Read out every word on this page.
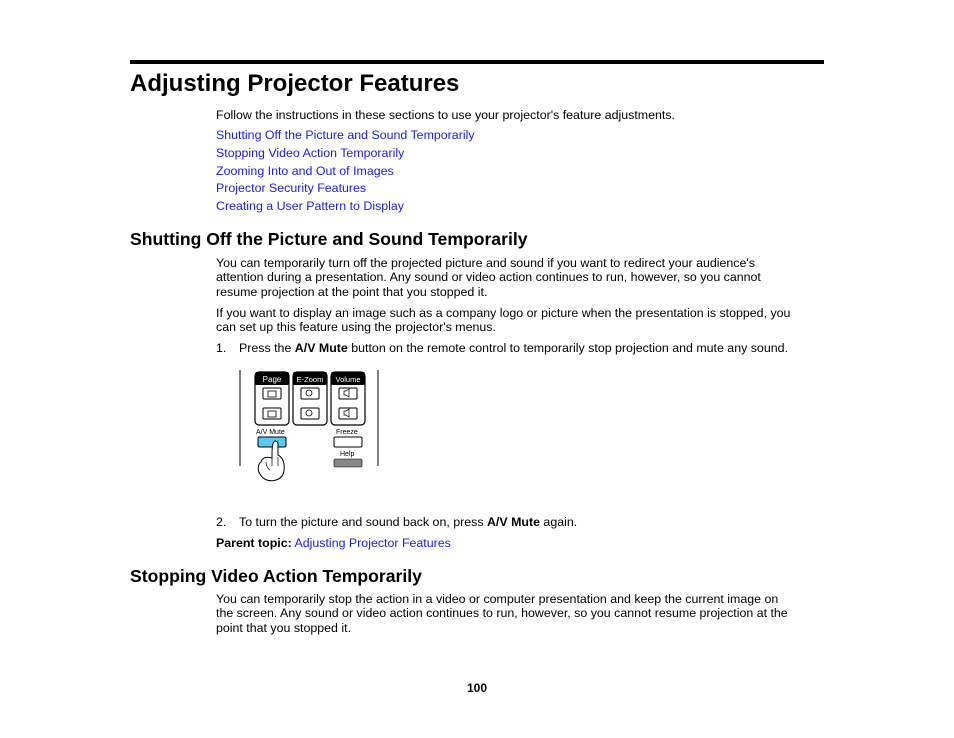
Adjusting Projector Features

Follow the instructions in these sections to use your projector's feature adjustments.

Shutting Off the Picture and Sound Temporarily
Stopping Video Action Temporarily
Zooming Into and Out of Images
Projector Security Features
Creating a User Pattern to Display
Shutting Off the Picture and Sound Temporarily

You can temporarily turn off the projected picture and sound if you want to redirect your audience's
attention during a presentation. Any sound or video action continues to run, however, so you cannot
resume projection at the point that you stopped it.

If you want to display an image such as a company logo or picture when the presentation is stopped, you
can set up this feature using the projector's menus.

1. Press the A/V Mute button on the remote control to temporarily stop projection and mute any sound.

Page E-Zoom Volume
A/V Mute	Freeze
Help

2. To turn the picture and sound back on, press A/V Mute again.

Parent topic: Adjusting Projector Features

Stopping Video Action Temporarily

You can temporarily stop the action in a video or computer presentation and keep the current image on
the screen. Any sound or video action continues to run, however, so you cannot resume projection at the
point that you stopped it.

100
